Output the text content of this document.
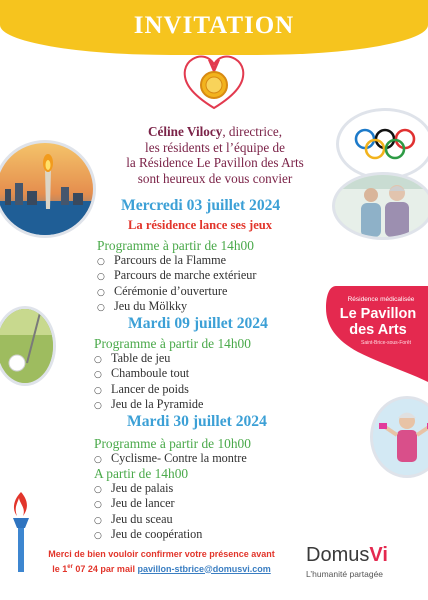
INVITATION
Résidence médicalisée
Le Pavillon
des Arts
Saint-Brice-sous-Forêt
Céline Vilocy, directrice,
les résidents et l’équipe de
la Résidence Le Pavillon des Arts
sont heureux de vous convier
Mercredi 03 juillet 2024
La résidence lance ses jeux
Programme à partir de 14h00
○ Parcours de la Flamme
○ Parcours de marche extérieur
○ Cérémonie d’ouverture
○ Jeu du Mölkky
Mardi 09 juillet 2024
Programme à partir de 14h00
○ Table de jeu
○ Chamboule tout
○ Lancer de poids
○ Jeu de la Pyramide
Mardi 30 juillet 2024
Programme à partir de 10h00
○ Cyclisme- Contre la montre
A partir de 14h00
○ Jeu de palais
○ Jeu de lancer
○ Jeu du sceau
○ Jeu de coopération
Merci de bien vouloir confirmer votre présence avant
le 1er 07 24 par mail pavillon-stbrice@domusvi.com
DomusVi
L’humanité partagée
